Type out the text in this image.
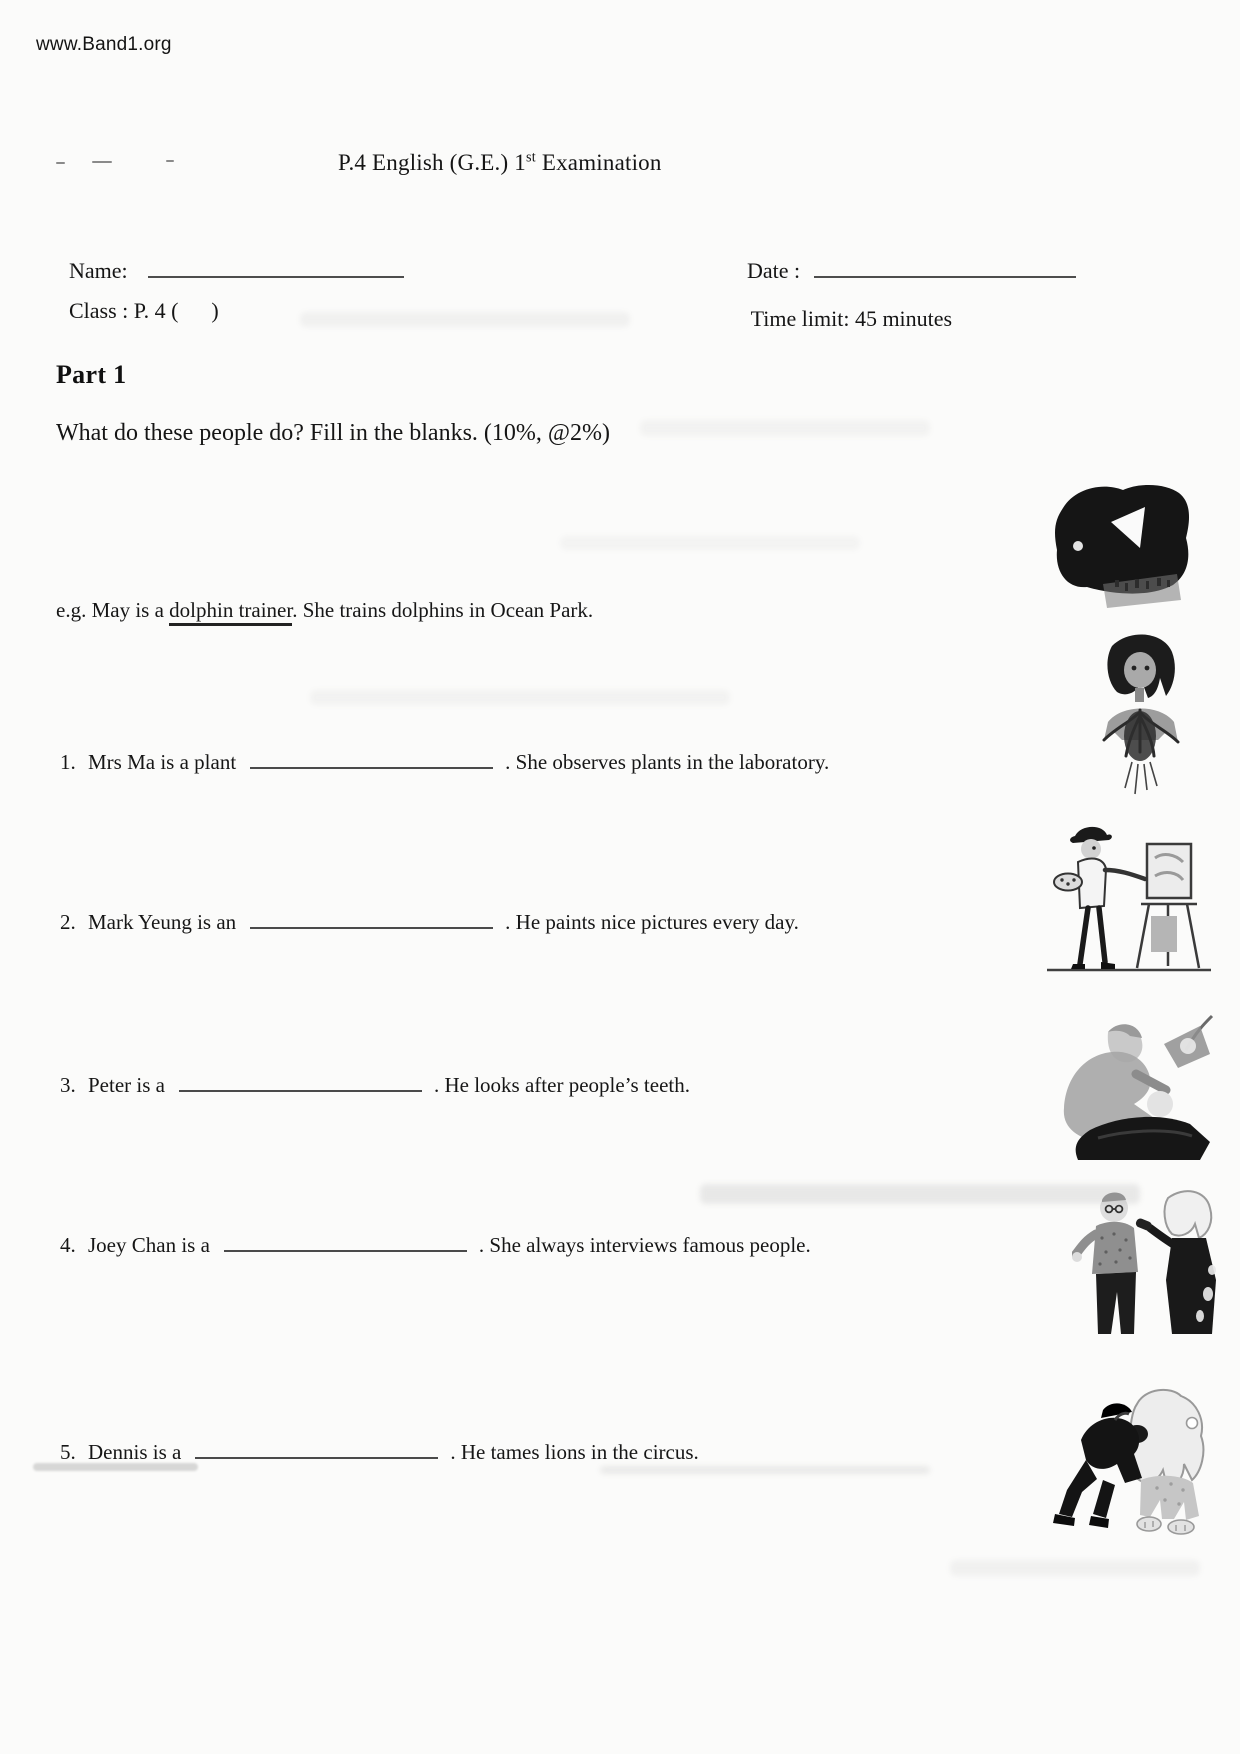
www.Band1.org
P.4 English (G.E.) 1st Examination

Name:	Date :

Class : P. 4 (      )	Time limit: 45 minutes

Part 1
What do these people do? Fill in the blanks. (10%, @2%)
e.g. May is a dolphin trainer. She trains dolphins in Ocean Park.
1. Mrs Ma is a plant	. She observes plants in the laboratory.
2. Mark Yeung is an	. He paints nice pictures every day.
3. Peter is a	. He looks after people’s teeth.
4. Joey Chan is a	. She always interviews famous people.
5. Dennis is a	. He tames lions in the circus.
